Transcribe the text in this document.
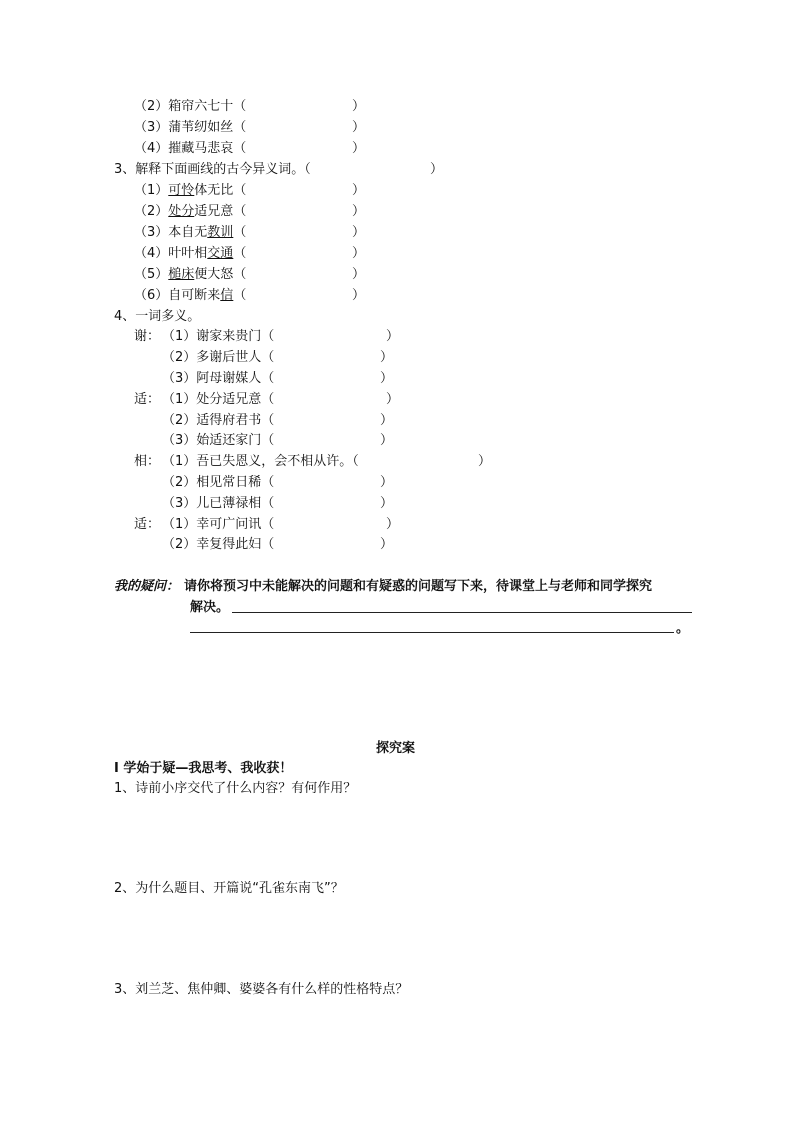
（2）箱帘六七十（	）
（3）蒲苇纫如丝（	）
（4）摧藏马悲哀（	）
3、解释下面画线的古今异义词。（	）
（1）可怜体无比（	）
（2）处分适兄意（	）
（3）本自无教训（	）
（4）叶叶相交通（	）
（5）槌床便大怒（	）
（6）自可断来信（	）
4、一词多义。
谢： （1）谢家来贵门（	）
（2）多谢后世人（	）
（3）阿母谢媒人（	）
适： （1）处分适兄意（	）
（2）适得府君书（	）
（3）始适还家门（	）
相： （1）吾已失恩义，会不相从许。（	）
（2）相见常日稀（	）
（3）儿已薄禄相（	）
适： （1）幸可广问讯（	）
（2）幸复得此妇（	）
我的疑问： 请你将预习中未能解决的问题和有疑惑的问题写下来，待课堂上与老师和同学探究
解决。
。
探究案
I 学始于疑—我思考、我收获！
1、诗前小序交代了什么内容？有何作用？
2、为什么题目、开篇说“孔雀东南飞”？
3、刘兰芝、焦仲卿、婆婆各有什么样的性格特点？
